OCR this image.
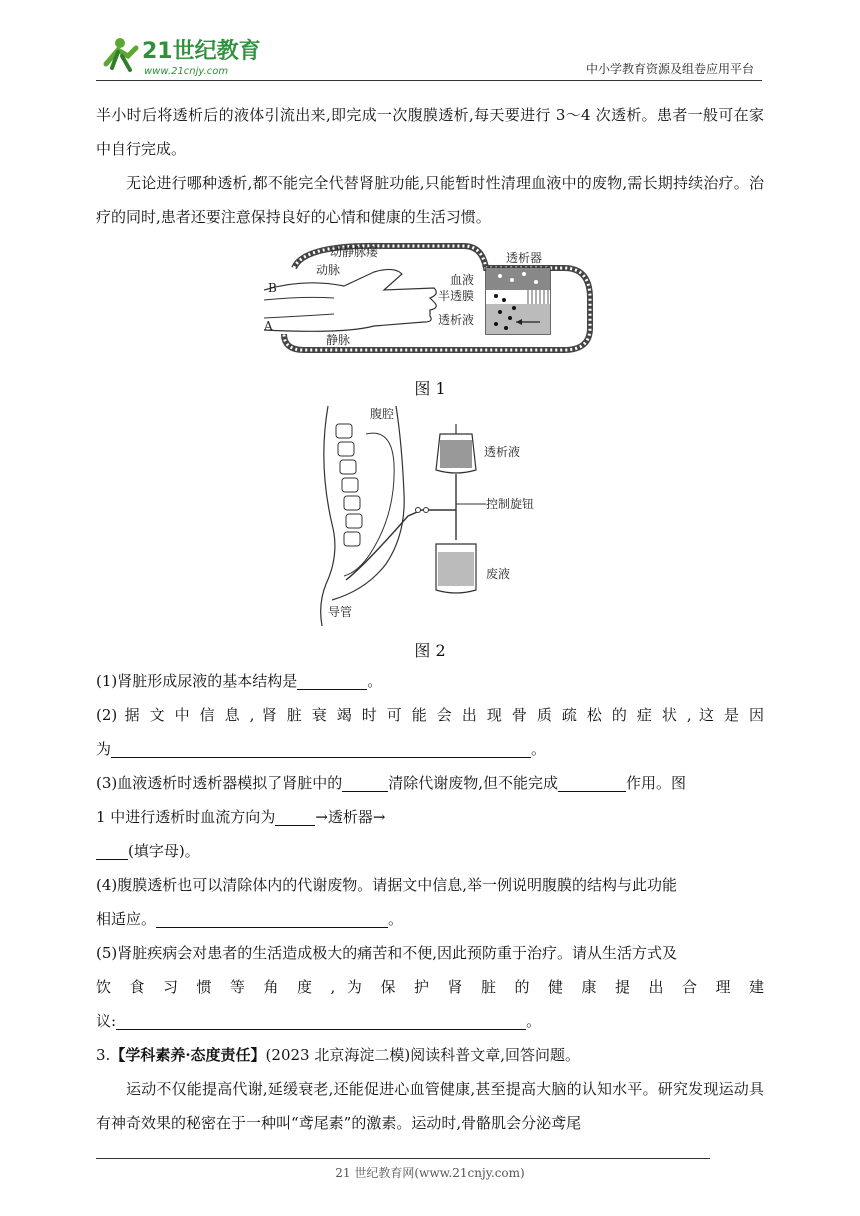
21世纪教育
www.21cnjy.com	中小学教育资源及组卷应用平台

半小时后将透析后的液体引流出来,即完成一次腹膜透析,每天要进行 3～4 次透析。患者一般可在家中自行完成。

无论进行哪种透析,都不能完全代替肾脏功能,只能暂时性清理血液中的废物,需长期持续治疗。治疗的同时,患者还要注意保持良好的心情和健康的生活习惯。

动静脉瘘
动脉
静脉
B
A
透析器
血液
半透膜
透析液
图 1
腹腔
透析液
控制旋钮
导管
废液
图 2

(1)肾脏形成尿液的基本结构是	。

(2) 据 文 中 信 息 , 肾 脏 衰 竭 时 可 能 会 出 现 骨 质 疏 松 的 症 状 , 这 是 因

为	。

(3)血液透析时透析器模拟了肾脏中的	清除代谢废物,但不能完成	作用。图

1 中进行透析时血流方向为	→透析器→

(填字母)。

(4)腹膜透析也可以清除体内的代谢废物。请据文中信息,举一例说明腹膜的结构与此功能

相适应。	。

(5)肾脏疾病会对患者的生活造成极大的痛苦和不便,因此预防重于治疗。请从生活方式及

饮 食 习 惯 等 角 度 , 为 保 护 肾 脏 的 健 康 提 出 合 理 建

议:	。

3.【学科素养·态度责任】(2023 北京海淀二模)阅读科普文章,回答问题。

运动不仅能提高代谢,延缓衰老,还能促进心血管健康,甚至提高大脑的认知水平。研究发现运动具有神奇效果的秘密在于一种叫“鸢尾素”的激素。运动时,骨骼肌会分泌鸢尾

21 世纪教育网(www.21cnjy.com)
